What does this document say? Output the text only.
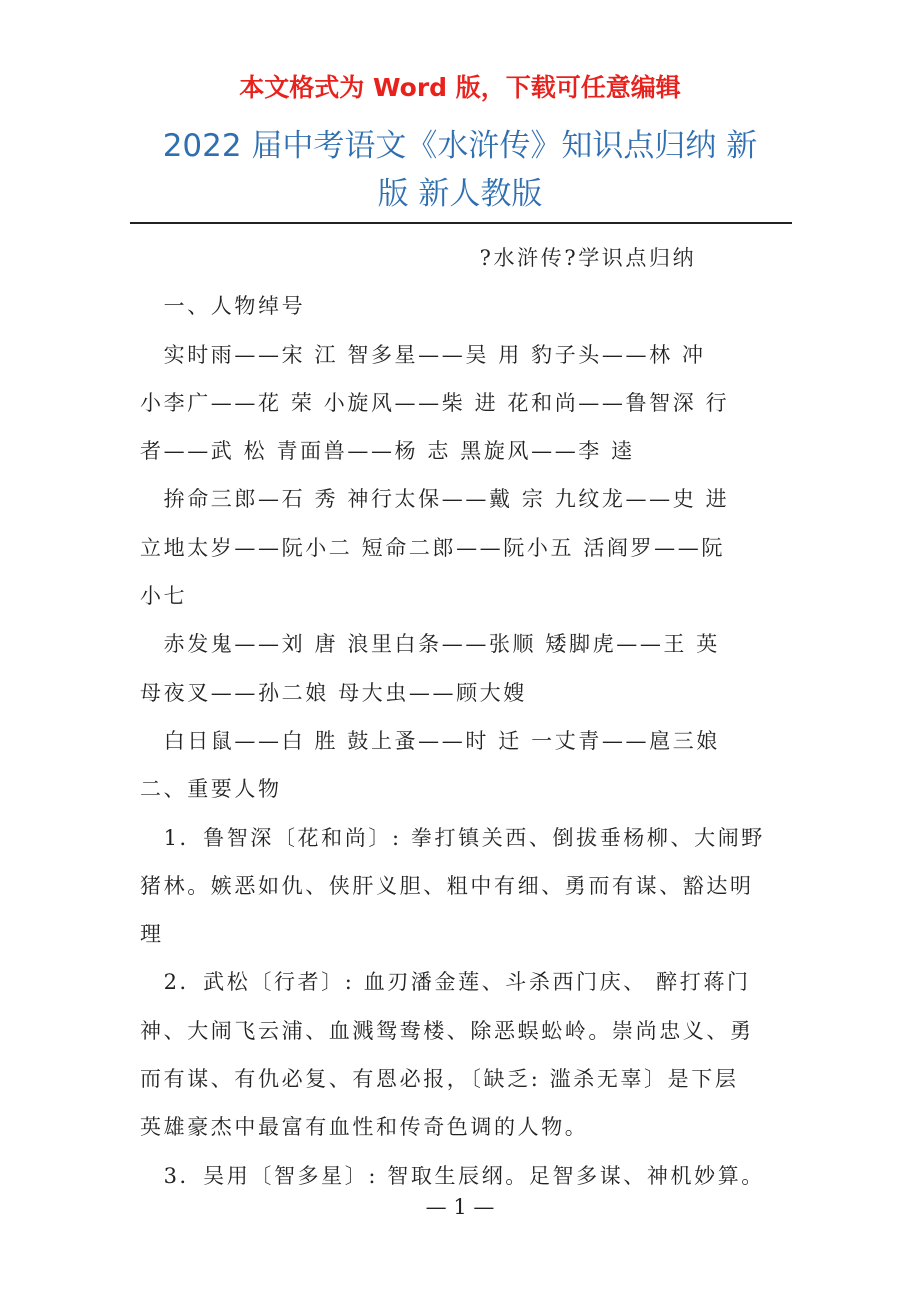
本文格式为 Word 版，下载可任意编辑
2022 届中考语文《水浒传》知识点归纳 新
版 新人教版
　　　　　　　　　　　　　　 ?水浒传?学识点归纳
　一、人物绰号
　实时雨——宋 江 智多星——吴 用 豹子头——林 冲
小李广——花 荣 小旋风——柴 进 花和尚——鲁智深 行
者——武 松 青面兽——杨 志 黑旋风——李 逵
　拚命三郎—石 秀 神行太保——戴 宗 九纹龙——史 进
立地太岁——阮小二 短命二郎——阮小五 活阎罗——阮
小七
　赤发鬼——刘 唐 浪里白条——张顺 矮脚虎——王 英
母夜叉——孙二娘 母大虫——顾大嫂
　白日鼠——白 胜 鼓上蚤——时 迁 一丈青——扈三娘
二、重要人物
　1．鲁智深〔花和尚〕: 拳打镇关西、倒拔垂杨柳、大闹野
猪林。嫉恶如仇、侠肝义胆、粗中有细、勇而有谋、豁达明
理
　2．武松〔行者〕: 血刃潘金莲、斗杀西门庆、 醉打蒋门
神、大闹飞云浦、血溅鸳鸯楼、除恶蜈蚣岭。崇尚忠义、勇
而有谋、有仇必复、有恩必报，〔缺乏: 滥杀无辜〕是下层
英雄豪杰中最富有血性和传奇色调的人物。
　3．吴用〔智多星〕: 智取生辰纲。足智多谋、神机妙算。
— 1 —
